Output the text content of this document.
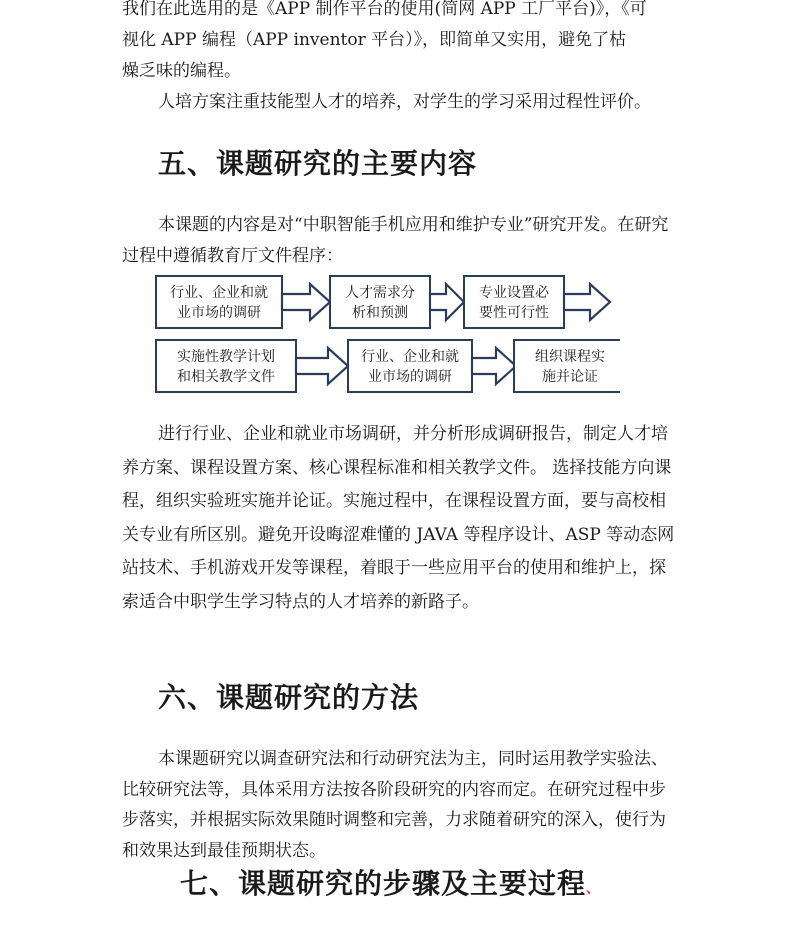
我们在此选用的是《APP 制作平台的使用(简网 APP 工厂平台)》，《可

视化 APP 编程（APP inventor 平台）》，即简单又实用，避免了枯

燥乏味的编程。

人培方案注重技能型人才的培养，对学生的学习采用过程性评价。

五、课题研究的主要内容
本课题的内容是对“中职智能手机应用和维护专业”研究开发。在研究过程中遵循教育厅文件程序：
行业、企业和就
业市场的调研
人才需求分
析和预测
专业设置必
要性可行性
实施性教学计划
和相关教学文件
行业、企业和就
业市场的调研
组织课程实
施并论证
进行行业、企业和就业市场调研，并分析形成调研报告，制定人才培养方案、课程设置方案、核心课程标准和相关教学文件。 选择技能方向课程，组织实验班实施并论证。实施过程中，在课程设置方面，要与高校相关专业有所区别。避免开设晦涩难懂的 JAVA 等程序设计、ASP 等动态网站技术、手机游戏开发等课程，着眼于一些应用平台的使用和维护上，探索适合中职学生学习特点的人才培养的新路子。
六、课题研究的方法
本课题研究以调查研究法和行动研究法为主，同时运用教学实验法、比较研究法等，具体采用方法按各阶段研究的内容而定。在研究过程中步步落实，并根据实际效果随时调整和完善，力求随着研究的深入，使行为和效果达到最佳预期状态。
七、课题研究的步骤及主要过程、
